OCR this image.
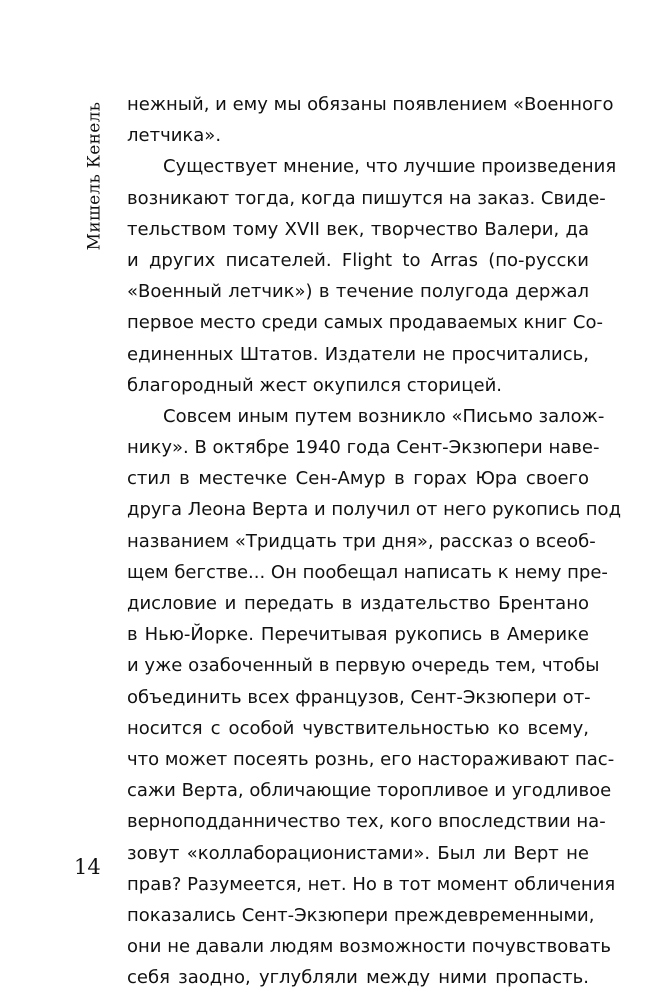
Мишель Кенель нежный, и ему мы обязаны появлением «Военного
летчика».
Существует мнение, что лучшие произведения
возникают тогда, когда пишутся на заказ. Свиде-
тельством тому XVII век, творчество Валери, да
и других писателей. Flight to Arras (по-русски
«Военный летчик») в течение полугода держал
первое место среди самых продаваемых книг Со-
единенных Штатов. Издатели не просчитались,
благородный жест окупился сторицей.
Совсем иным путем возникло «Письмо залож-
нику». В октябре 1940 года Сент-Экзюпери наве-
стил в местечке Сен-Амур в горах Юра своего
друга Леона Верта и получил от него рукопись под
названием «Тридцать три дня», рассказ о всеоб-
щем бегстве... Он пообещал написать к нему пре-
дисловие и передать в издательство Брентано
в Нью-Йорке. Перечитывая рукопись в Америке
и уже озабоченный в первую очередь тем, чтобы
объединить всех французов, Сент-Экзюпери от-
носится с особой чувствительностью ко всему,
что может посеять рознь, его настораживают пас-
сажи Верта, обличающие торопливое и угодливое
верноподданничество тех, кого впоследствии на-
зовут «коллаборационистами». Был ли Верт не
прав? Разумеется, нет. Но в тот момент обличения
показались Сент-Экзюпери преждевременными,
они не давали людям возможности почувствовать
себя заодно, углубляли между ними пропасть.
14
